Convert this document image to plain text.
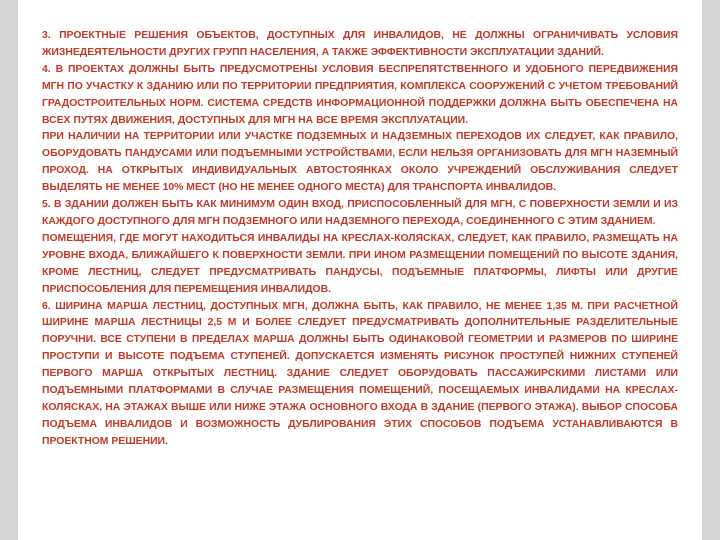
3. ПРОЕКТНЫЕ РЕШЕНИЯ ОБЪЕКТОВ, ДОСТУПНЫХ ДЛЯ ИНВАЛИДОВ, НЕ ДОЛЖНЫ ОГРАНИЧИВАТЬ УСЛОВИЯ ЖИЗНЕДЕЯТЕЛЬНОСТИ ДРУГИХ ГРУПП НАСЕЛЕНИЯ, А ТАКЖЕ ЭФФЕКТИВНОСТИ ЭКСПЛУАТАЦИИ ЗДАНИЙ.

4. В ПРОЕКТАХ ДОЛЖНЫ БЫТЬ ПРЕДУСМОТРЕНЫ УСЛОВИЯ БЕСПРЕПЯТСТВЕННОГО И УДОБНОГО ПЕРЕДВИЖЕНИЯ МГН ПО УЧАСТКУ К ЗДАНИЮ ИЛИ ПО ТЕРРИТОРИИ ПРЕДПРИЯТИЯ, КОМПЛЕКСА СООРУЖЕНИЙ С УЧЕТОМ ТРЕБОВАНИЙ ГРАДОСТРОИТЕЛЬНЫХ НОРМ. СИСТЕМА СРЕДСТВ ИНФОРМАЦИОННОЙ ПОДДЕРЖКИ ДОЛЖНА БЫТЬ ОБЕСПЕЧЕНА НА ВСЕХ ПУТЯХ ДВИЖЕНИЯ, ДОСТУПНЫХ ДЛЯ МГН НА ВСЕ ВРЕМЯ ЭКСПЛУАТАЦИИ.

ПРИ НАЛИЧИИ НА ТЕРРИТОРИИ ИЛИ УЧАСТКЕ ПОДЗЕМНЫХ И НАДЗЕМНЫХ ПЕРЕХОДОВ ИХ СЛЕДУЕТ, КАК ПРАВИЛО, ОБОРУДОВАТЬ ПАНДУСАМИ ИЛИ ПОДЪЕМНЫМИ УСТРОЙСТВАМИ, ЕСЛИ НЕЛЬЗЯ ОРГАНИЗОВАТЬ ДЛЯ МГН НАЗЕМНЫЙ ПРОХОД. НА ОТКРЫТЫХ ИНДИВИДУАЛЬНЫХ АВТОСТОЯНКАХ ОКОЛО УЧРЕЖДЕНИЙ ОБСЛУЖИВАНИЯ СЛЕДУЕТ ВЫДЕЛЯТЬ НЕ МЕНЕЕ 10% МЕСТ (НО НЕ МЕНЕЕ ОДНОГО МЕСТА) ДЛЯ ТРАНСПОРТА ИНВАЛИДОВ.

5. В ЗДАНИИ ДОЛЖЕН БЫТЬ КАК МИНИМУМ ОДИН ВХОД, ПРИСПОСОБЛЕННЫЙ ДЛЯ МГН, С ПОВЕРХНОСТИ ЗЕМЛИ И ИЗ КАЖДОГО ДОСТУПНОГО ДЛЯ МГН ПОДЗЕМНОГО ИЛИ НАДЗЕМНОГО ПЕРЕХОДА, СОЕДИНЕННОГО С ЭТИМ ЗДАНИЕМ.

ПОМЕЩЕНИЯ, ГДЕ МОГУТ НАХОДИТЬСЯ ИНВАЛИДЫ НА КРЕСЛАХ-КОЛЯСКАХ, СЛЕДУЕТ, КАК ПРАВИЛО, РАЗМЕЩАТЬ НА УРОВНЕ ВХОДА, БЛИЖАЙШЕГО К ПОВЕРХНОСТИ ЗЕМЛИ. ПРИ ИНОМ РАЗМЕЩЕНИИ ПОМЕЩЕНИЙ ПО ВЫСОТЕ ЗДАНИЯ, КРОМЕ ЛЕСТНИЦ, СЛЕДУЕТ ПРЕДУСМАТРИВАТЬ ПАНДУСЫ, ПОДЪЕМНЫЕ ПЛАТФОРМЫ, ЛИФТЫ ИЛИ ДРУГИЕ ПРИСПОСОБЛЕНИЯ ДЛЯ ПЕРЕМЕЩЕНИЯ ИНВАЛИДОВ.

6. ШИРИНА МАРША ЛЕСТНИЦ, ДОСТУПНЫХ МГН, ДОЛЖНА БЫТЬ, КАК ПРАВИЛО, НЕ МЕНЕЕ 1,35 М. ПРИ РАСЧЕТНОЙ ШИРИНЕ МАРША ЛЕСТНИЦЫ 2,5 М И БОЛЕЕ СЛЕДУЕТ ПРЕДУСМАТРИВАТЬ ДОПОЛНИТЕЛЬНЫЕ РАЗДЕЛИТЕЛЬНЫЕ ПОРУЧНИ. ВСЕ СТУПЕНИ В ПРЕДЕЛАХ МАРША ДОЛЖНЫ БЫТЬ ОДИНАКОВОЙ ГЕОМЕТРИИ И РАЗМЕРОВ ПО ШИРИНЕ ПРОСТУПИ И ВЫСОТЕ ПОДЪЕМА СТУПЕНЕЙ. ДОПУСКАЕТСЯ ИЗМЕНЯТЬ РИСУНОК ПРОСТУПЕЙ НИЖНИХ СТУПЕНЕЙ ПЕРВОГО МАРША ОТКРЫТЫХ ЛЕСТНИЦ. ЗДАНИЕ СЛЕДУЕТ ОБОРУДОВАТЬ ПАССАЖИРСКИМИ ЛИСТАМИ ИЛИ ПОДЪЕМНЫМИ ПЛАТФОРМАМИ В СЛУЧАЕ РАЗМЕЩЕНИЯ ПОМЕЩЕНИЙ, ПОСЕЩАЕМЫХ ИНВАЛИДАМИ НА КРЕСЛАХ-КОЛЯСКАХ, НА ЭТАЖАХ ВЫШЕ ИЛИ НИЖЕ ЭТАЖА ОСНОВНОГО ВХОДА В ЗДАНИЕ (ПЕРВОГО ЭТАЖА). ВЫБОР СПОСОБА ПОДЪЕМА ИНВАЛИДОВ И ВОЗМОЖНОСТЬ ДУБЛИРОВАНИЯ ЭТИХ СПОСОБОВ ПОДЪЕМА УСТАНАВЛИВАЮТСЯ В ПРОЕКТНОМ РЕШЕНИИ.
